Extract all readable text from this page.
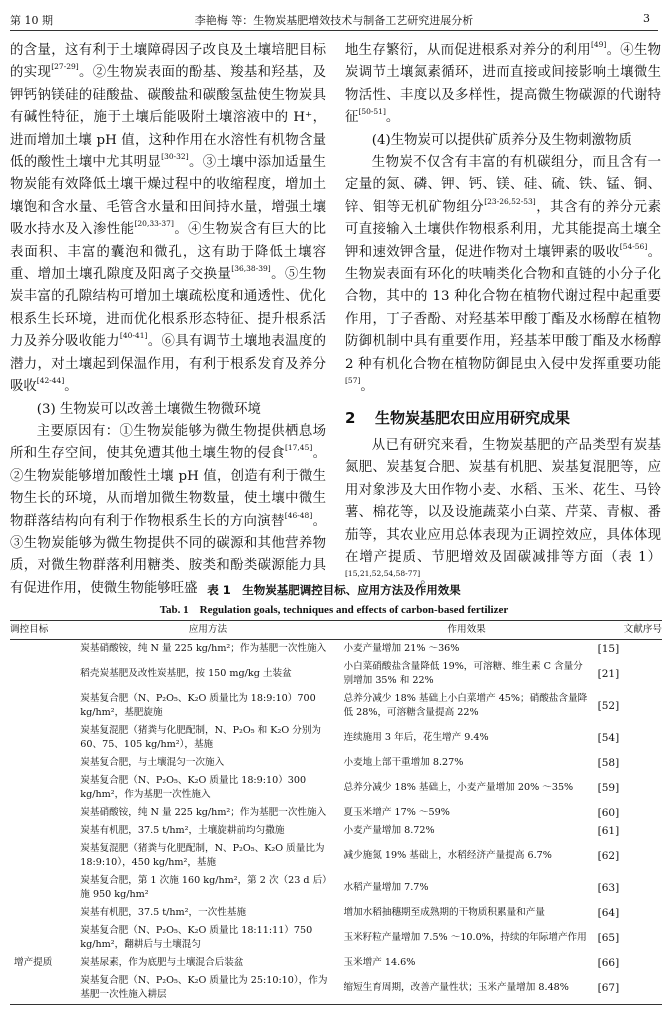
第 10 期	李艳梅 等：生物炭基肥增效技术与制备工艺研究进展分析	3

的含量，这有利于土壤障碍因子改良及土壤培肥目标的实现[27-29]。②生物炭表面的酚基、羧基和羟基，及钾钙钠镁硅的硅酸盐、碳酸盐和碳酸氢盐使生物炭具有碱性特征，施于土壤后能吸附土壤溶液中的 H⁺，进而增加土壤 pH 值，这种作用在水溶性有机物含量低的酸性土壤中尤其明显[30-32]。③土壤中添加适量生物炭能有效降低土壤干燥过程中的收缩程度，增加土壤饱和含水量、毛管含水量和田间持水量，增强土壤吸水持水及入渗性能[20,33-37]。④生物炭含有巨大的比表面积、丰富的囊泡和微孔，这有助于降低土壤容重、增加土壤孔隙度及阳离子交换量[36,38-39]。⑤生物炭丰富的孔隙结构可增加土壤疏松度和通透性、优化根系生长环境，进而优化根系形态特征、提升根系活力及养分吸收能力[40-41]。⑥具有调节土壤地表温度的潜力，对土壤起到保温作用，有利于根系发育及养分吸收[42-44]。

(3) 生物炭可以改善土壤微生物微环境

主要原因有：①生物炭能够为微生物提供栖息场所和生存空间，使其免遭其他土壤生物的侵食[17,45]。②生物炭能够增加酸性土壤 pH 值，创造有利于微生物生长的环境，从而增加微生物数量，使土壤中微生物群落结构向有利于作物根系生长的方向演替[46-48]。③生物炭能够为微生物提供不同的碳源和其他营养物质，对微生物群落利用糖类、胺类和酚类碳源能力具有促进作用，使微生物能够旺盛

地生存繁衍，从而促进根系对养分的利用[49]。④生物炭调节土壤氮素循环，进而直接或间接影响土壤微生物活性、丰度以及多样性，提高微生物碳源的代谢特征[50-51]。

(4)生物炭可以提供矿质养分及生物刺激物质

生物炭不仅含有丰富的有机碳组分，而且含有一定量的氮、磷、钾、钙、镁、硅、硫、铁、锰、铜、锌、钼等无机矿物组分[23-26,52-53]，其含有的养分元素可直接输入土壤供作物根系利用，尤其能提高土壤全钾和速效钾含量，促进作物对土壤钾素的吸收[54-56]。生物炭表面有环化的呋喃类化合物和直链的小分子化合物，其中的 13 种化合物在植物代谢过程中起重要作用，丁子香酚、对羟基苯甲酸丁酯及水杨醇在植物防御机制中具有重要作用，羟基苯甲酸丁酯及水杨醇 2 种有机化合物在植物防御昆虫入侵中发挥重要功能[57]。

2 生物炭基肥农田应用研究成果

从已有研究来看，生物炭基肥的产品类型有炭基氮肥、炭基复合肥、炭基有机肥、炭基复混肥等，应用对象涉及大田作物小麦、水稻、玉米、花生、马铃薯、棉花等，以及设施蔬菜小白菜、芹菜、青椒、番茄等，其农业应用总体表现为正调控效应，具体体现在增产提质、节肥增效及固碳减排等方面（表 1）[15,21,52,54,58-77]。

表 1　生物炭基肥调控目标、应用方法及作用效果
Tab. 1　Regulation goals, techniques and effects of carbon-based fertilizer
调控目标	应用方法	作用效果	文献序号
	炭基硝酸铵，纯 N 量 225 kg/hm²；作为基肥一次性施入	小麦产量增加 21% ～36%	[15]
	稻壳炭基肥及改性炭基肥，按 150 mg/kg 土装盆	小白菜硝酸盐含量降低 19%，可溶糖、维生素 C 含量分别增加 35% 和 22%	[21]
	炭基复合肥（N、P₂O₅、K₂O 质量比为 18:9:10）700 kg/hm²，基肥旋施	总养分减少 18% 基础上小白菜增产 45%；硝酸盐含量降低 28%，可溶糖含量提高 22%	[52]
	炭基复混肥（猪粪与化肥配制，N、P₂O₅ 和 K₂O 分别为 60、75、105 kg/hm²），基施	连续施用 3 年后，花生增产 9.4%	[54]
	炭基复合肥，与土壤混匀一次施入	小麦地上部干重增加 8.27%	[58]
	炭基复合肥（N、P₂O₅、K₂O 质量比 18:9:10）300 kg/hm²，作为基肥一次性施入	总养分减少 18% 基础上，小麦产量增加 20% ～35%	[59]
	炭基硝酸铵，纯 N 量 225 kg/hm²；作为基肥一次性施入	夏玉米增产 17% ～59%	[60]
	炭基有机肥，37.5 t/hm²，土壤旋耕前均匀撒施	小麦产量增加 8.72%	[61]
	炭基复混肥（猪粪与化肥配制，N、P₂O₅、K₂O 质量比为 18:9:10），450 kg/hm²，基施	减少施氮 19% 基础上，水稻经济产量提高 6.7%	[62]
	炭基复合肥，第 1 次施 160 kg/hm²，第 2 次（23 d 后）施 950 kg/hm²	水稻产量增加 7.7%	[63]
	炭基有机肥，37.5 t/hm²，一次性基施	增加水稻抽穗期至成熟期的干物质积累量和产量	[64]
	炭基复合肥（N、P₂O₅、K₂O 质量比 18:11:11）750 kg/hm²，翻耕后与土壤混匀	玉米籽粒产量增加 7.5% ～10.0%，持续的年际增产作用	[65]
增产提质	炭基尿素，作为底肥与土壤混合后装盆	玉米增产 14.6%	[66]
	炭基复合肥（N、P₂O₅、K₂O 质量比为 25:10:10），作为基肥一次性施入耕层	缩短生育周期，改善产量性状；玉米产量增加 8.48%	[67]
